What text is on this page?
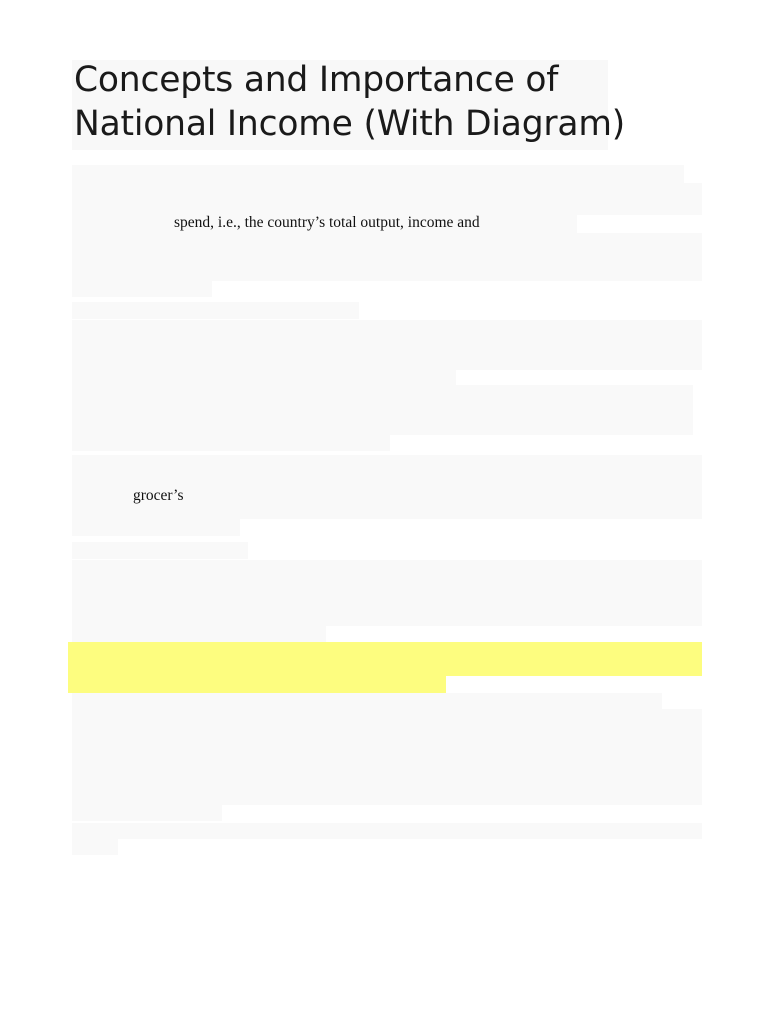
Concepts and Importance of
National Income (With Diagram)

spend, i.e., the country’s total output, income and

grocer’s
